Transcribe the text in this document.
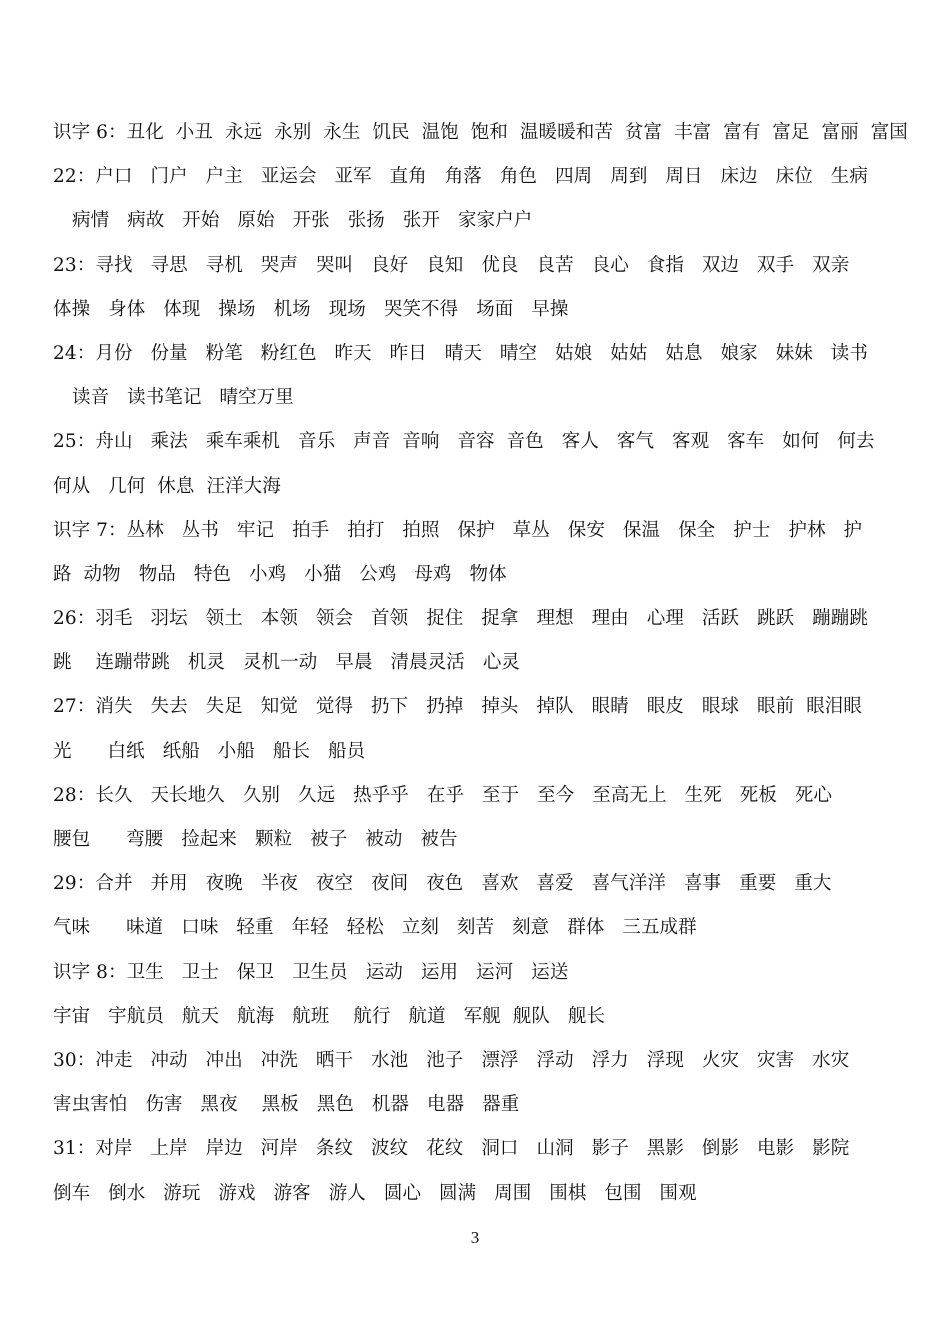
识字 6：丑化  小丑  永远  永别  永生  饥民  温饱  饱和  温暖暖和苦  贫富  丰富  富有  富足  富丽  富国
22：户口   门户   户主   亚运会   亚军   直角   角落   角色   四周   周到   周日   床边   床位   生病
病情   病故   开始   原始   开张   张扬   张开   家家户户
23：寻找   寻思   寻机   哭声   哭叫   良好   良知   优良   良苦   良心   食指   双边   双手   双亲
体操   身体   体现   操场   机场   现场   哭笑不得   场面   早操
24：月份   份量   粉笔   粉红色   昨天   昨日   晴天   晴空   姑娘   姑姑   姑息   娘家   妹妹   读书
读音   读书笔记   晴空万里
25：舟山   乘法   乘车乘机   音乐   声音  音响   音容  音色   客人   客气   客观   客车   如何   何去
何从   几何  休息  汪洋大海
识字 7：丛林   丛书   牢记   拍手   拍打   拍照   保护   草丛   保安   保温   保全   护士   护林   护
路  动物   物品   特色   小鸡   小猫   公鸡   母鸡   物体
26：羽毛   羽坛   领土   本领   领会   首领   捉住   捉拿   理想   理由   心理   活跃   跳跃   蹦蹦跳
跳    连蹦带跳   机灵   灵机一动   早晨   清晨灵活   心灵
27：消失   失去   失足   知觉   觉得   扔下   扔掉   掉头   掉队   眼睛   眼皮   眼球   眼前  眼泪眼
光      白纸   纸船   小船   船长   船员
28：长久   天长地久   久别   久远   热乎乎   在乎   至于   至今   至高无上   生死   死板   死心
腰包      弯腰   捡起来   颗粒   被子   被动   被告
29：合并   并用   夜晚   半夜   夜空   夜间   夜色   喜欢   喜爱   喜气洋洋   喜事   重要   重大
气味      味道   口味   轻重   年轻   轻松   立刻   刻苦   刻意   群体   三五成群
识字 8：卫生   卫士   保卫   卫生员   运动   运用   运河   运送
宇宙   宇航员   航天   航海   航班    航行   航道   军舰  舰队   舰长
30：冲走   冲动   冲出   冲洗   晒干   水池   池子   漂浮   浮动   浮力   浮现   火灾   灾害   水灾
害虫害怕   伤害   黑夜    黑板   黑色   机器   电器   器重
31：对岸   上岸   岸边   河岸   条纹   波纹   花纹   洞口   山洞   影子   黑影   倒影   电影   影院
倒车   倒水   游玩   游戏   游客   游人   圆心   圆满   周围   围棋   包围   围观
3
